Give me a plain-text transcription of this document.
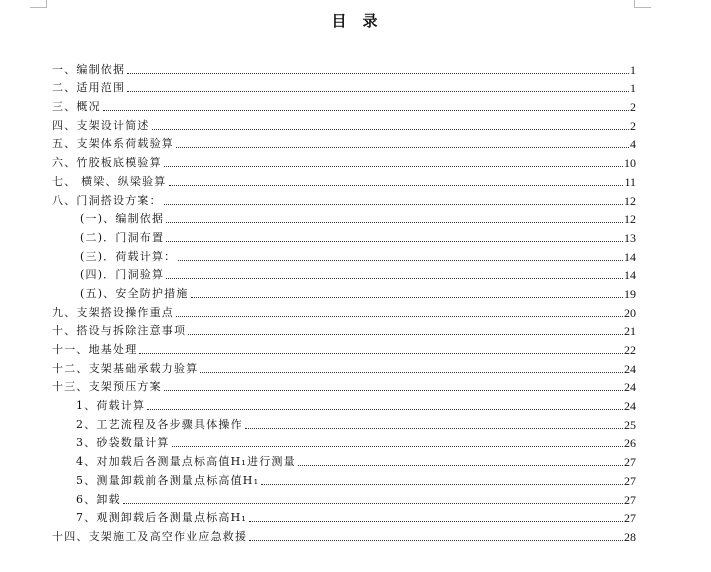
目 录
一、编制依据	1
二、适用范围	1
三、概况	2
四、支架设计简述	2
五、支架体系荷载验算	4
六、竹胶板底模验算	10
七、 横梁、纵梁验算	11
八、门洞搭设方案：	12
(一)、编制依据	12
(二)．门洞布置	13
(三)．荷载计算：	14
(四)．门洞验算	14
(五)、安全防护措施	19
九、支架搭设操作重点	20
十、搭设与拆除注意事项	21
十一、地基处理	22
十二、支架基础承载力验算	24
十三、支架预压方案	24
1、荷载计算	24
2、工艺流程及各步骤具体操作	25
3、砂袋数量计算	26
4、对加载后各测量点标高值H₁进行测量	27
5、测量卸载前各测量点标高值H₁	27
6、卸载	27
7、观测卸载后各测量点标高H₁	27
十四、支架施工及高空作业应急救援	28
